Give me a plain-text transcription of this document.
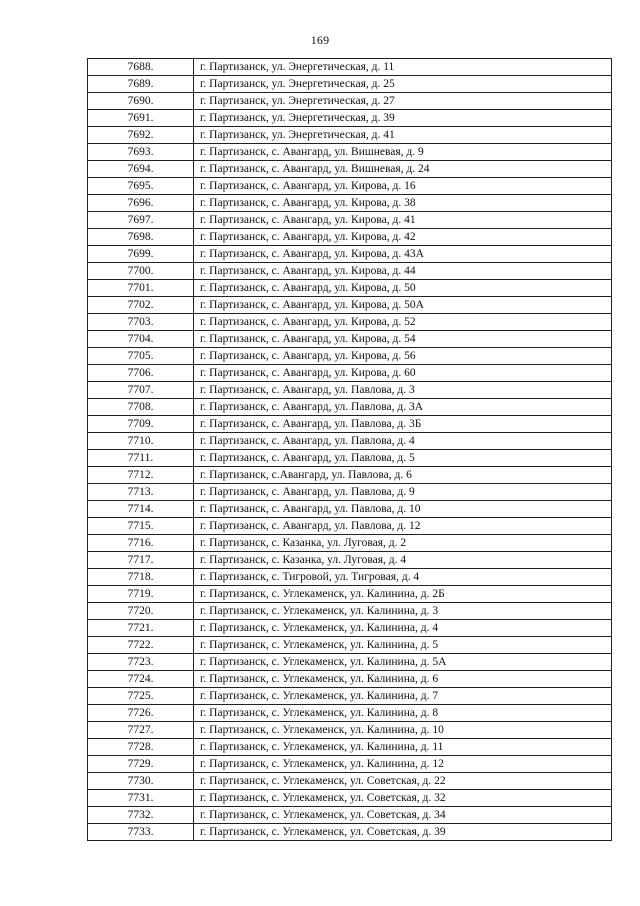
169
7688.	г. Партизанск, ул. Энергетическая, д. 11
7689.	г. Партизанск, ул. Энергетическая, д. 25
7690.	г. Партизанск, ул. Энергетическая, д. 27
7691.	г. Партизанск, ул. Энергетическая, д. 39
7692.	г. Партизанск, ул. Энергетическая, д. 41
7693.	г. Партизанск, с. Авангард, ул. Вишневая, д. 9
7694.	г. Партизанск, с. Авангард, ул. Вишневая, д. 24
7695.	г. Партизанск, с. Авангард, ул. Кирова, д. 16
7696.	г. Партизанск, с. Авангард, ул. Кирова, д. 38
7697.	г. Партизанск, с. Авангард, ул. Кирова, д. 41
7698.	г. Партизанск, с. Авангард, ул. Кирова, д. 42
7699.	г. Партизанск, с. Авангард, ул. Кирова, д. 43А
7700.	г. Партизанск, с. Авангард, ул. Кирова, д. 44
7701.	г. Партизанск, с. Авангард, ул. Кирова, д. 50
7702.	г. Партизанск, с. Авангард, ул. Кирова, д. 50А
7703.	г. Партизанск, с. Авангард, ул. Кирова, д. 52
7704.	г. Партизанск, с. Авангард, ул. Кирова, д. 54
7705.	г. Партизанск, с. Авангард, ул. Кирова, д. 56
7706.	г. Партизанск, с. Авангард, ул. Кирова, д. 60
7707.	г. Партизанск, с. Авангард, ул. Павлова, д. 3
7708.	г. Партизанск, с. Авангард, ул. Павлова, д. 3А
7709.	г. Партизанск, с. Авангард, ул. Павлова, д. 3Б
7710.	г. Партизанск, с. Авангард, ул. Павлова, д. 4
7711.	г. Партизанск, с. Авангард, ул. Павлова, д. 5
7712.	г. Партизанск, с.Авангард, ул. Павлова, д. 6
7713.	г. Партизанск, с. Авангард, ул. Павлова, д. 9
7714.	г. Партизанск, с. Авангард, ул. Павлова, д. 10
7715.	г. Партизанск, с. Авангард, ул. Павлова, д. 12
7716.	г. Партизанск, с. Казанка, ул. Луговая, д. 2
7717.	г. Партизанск, с. Казанка, ул. Луговая, д. 4
7718.	г. Партизанск, с. Тигровой, ул. Тигровая, д. 4
7719.	г. Партизанск, с. Углекаменск, ул. Калинина, д. 2Б
7720.	г. Партизанск, с. Углекаменск, ул. Калинина, д. 3
7721.	г. Партизанск, с. Углекаменск, ул. Калинина, д. 4
7722.	г. Партизанск, с. Углекаменск, ул. Калинина, д. 5
7723.	г. Партизанск, с. Углекаменск, ул. Калинина, д. 5А
7724.	г. Партизанск, с. Углекаменск, ул. Калинина, д. 6
7725.	г. Партизанск, с. Углекаменск, ул. Калинина, д. 7
7726.	г. Партизанск, с. Углекаменск, ул. Калинина, д. 8
7727.	г. Партизанск, с. Углекаменск, ул. Калинина, д. 10
7728.	г. Партизанск, с. Углекаменск, ул. Калинина, д. 11
7729.	г. Партизанск, с. Углекаменск, ул. Калинина, д. 12
7730.	г. Партизанск, с. Углекаменск, ул. Советская, д. 22
7731.	г. Партизанск, с. Углекаменск, ул. Советская, д. 32
7732.	г. Партизанск, с. Углекаменск, ул. Советская, д. 34
7733.	г. Партизанск, с. Углекаменск, ул. Советская, д. 39
